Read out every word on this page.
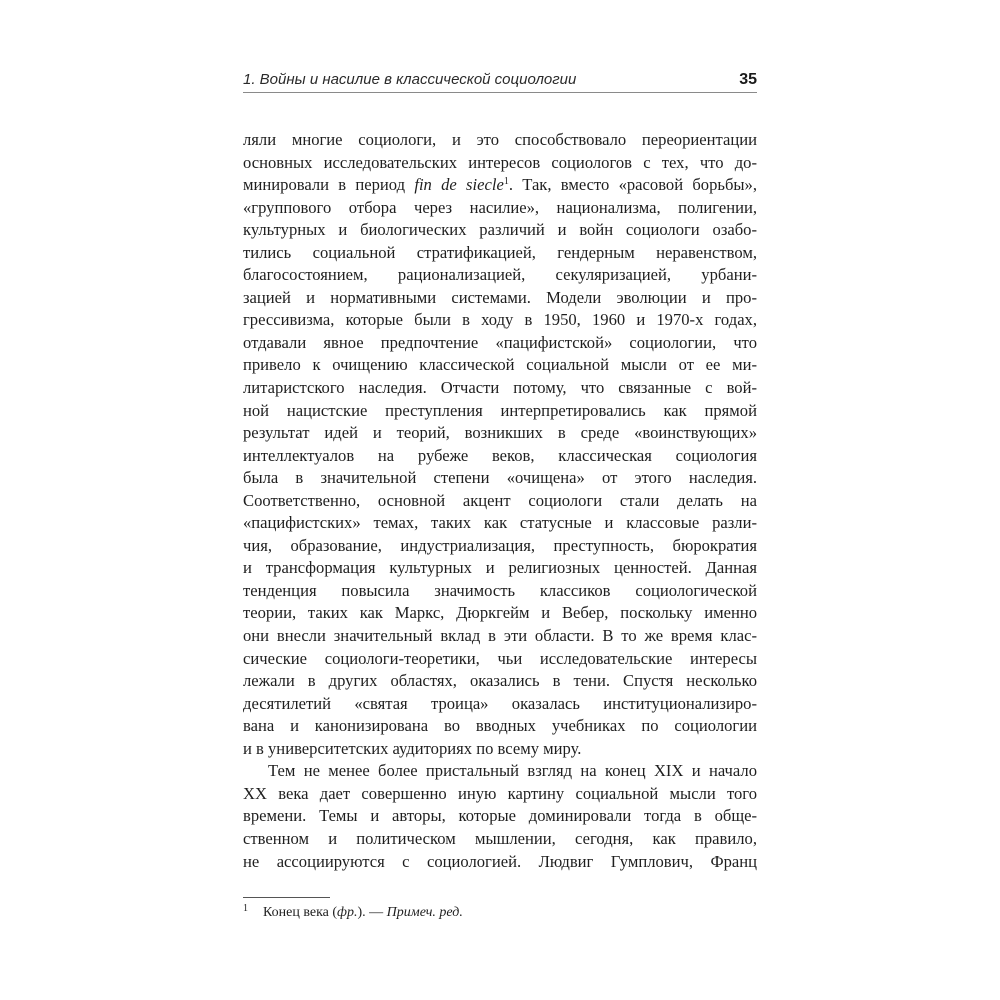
1. Войны и насилие в классической социологии	35
ляли многие социологи, и это способствовало переориентации
основных исследовательских интересов социологов с тех, что до-
минировали в период fin de siecle$^1$. Так, вместо «расовой борьбы»,
«группового отбора через насилие», национализма, полигении,
культурных и биологических различий и войн социологи озабо-
тились социальной стратификацией, гендерным неравенством,
благосостоянием, рационализацией, секуляризацией, урбани-
зацией и нормативными системами. Модели эволюции и про-
грессивизма, которые были в ходу в 1950, 1960 и 1970-х годах,
отдавали явное предпочтение «пацифистской» социологии, что
привело к очищению классической социальной мысли от ее ми-
литаристского наследия. Отчасти потому, что связанные с вой-
ной нацистские преступления интерпретировались как прямой
результат идей и теорий, возникших в среде «воинствующих»
интеллектуалов на рубеже веков, классическая социология
была в значительной степени «очищена» от этого наследия.
Соответственно, основной акцент социологи стали делать на
«пацифистских» темах, таких как статусные и классовые разли-
чия, образование, индустриализация, преступность, бюрократия
и трансформация культурных и религиозных ценностей. Данная
тенденция повысила значимость классиков социологической
теории, таких как Маркс, Дюркгейм и Вебер, поскольку именно
они внесли значительный вклад в эти области. В то же время клас-
сические социологи-теоретики, чьи исследовательские интересы
лежали в других областях, оказались в тени. Спустя несколько
десятилетий «святая троица» оказалась институционализиро-
вана и канонизирована во вводных учебниках по социологии
и в университетских аудиториях по всему миру.
Тем не менее более пристальный взгляд на конец XIX и начало
XX века дает совершенно иную картину социальной мысли того
времени. Темы и авторы, которые доминировали тогда в обще-
ственном и политическом мышлении, сегодня, как правило,
не ассоциируются с социологией. Людвиг Гумплович, Франц
1 Конец века (фр.). — Примеч. ред.
